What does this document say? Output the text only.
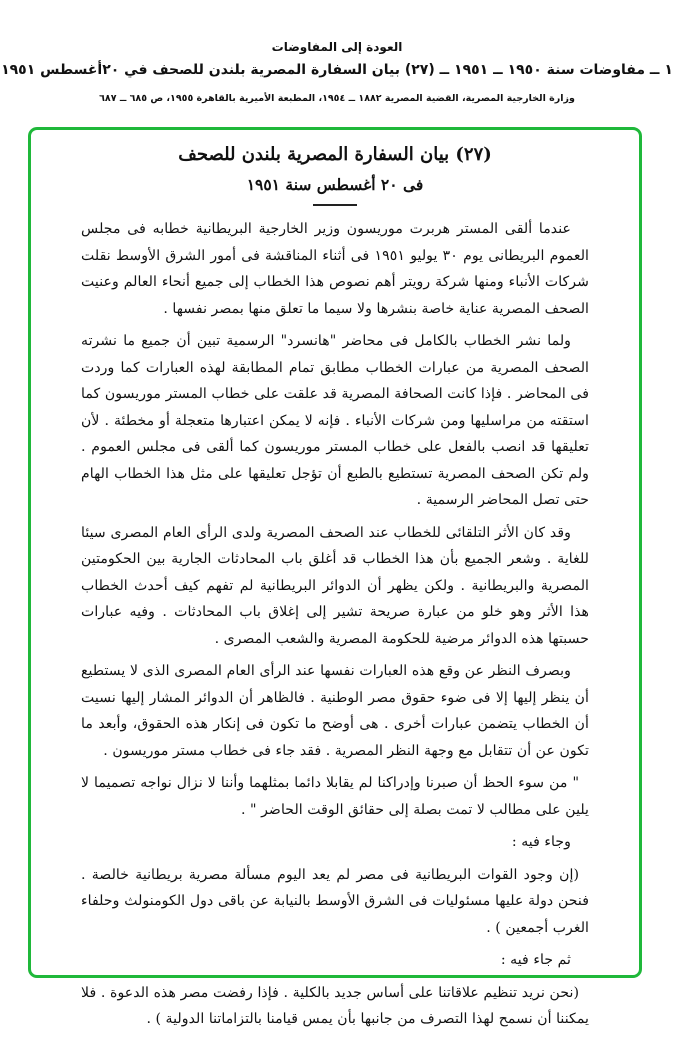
العودة إلى المفاوضات
١ ــ مفاوضات سنة ١٩٥٠ ــ ١٩٥١ ــ (٢٧) بيان السفارة المصرية بلندن للصحف في ٢٠أغسطس ١٩٥١
وزارة الخارجية المصرية، القضية المصرية ١٨٨٢ ــ ١٩٥٤، المطبعة الأميرية بالقاهرة ١٩٥٥، ص ٦٨٥ ــ ٦٨٧
(٢٧) بيان السفارة المصرية بلندن للصحف
فى ٢٠ أغسطس سنة ١٩٥١

عندما ألقى المستر هربرت موريسون وزير الخارجية البريطانية خطابه فى مجلس العموم البريطانى يوم ٣٠ يوليو ١٩٥١ فى أثناء المناقشة فى أمور الشرق الأوسط نقلت شركات الأنباء ومنها شركة رويتر أهم نصوص هذا الخطاب إلى جميع أنحاء العالم وعنيت الصحف المصرية عناية خاصة بنشرها ولا سيما ما تعلق منها بمصر نفسها .

ولما نشر الخطاب بالكامل فى محاضر "هانسرد" الرسمية تبين أن جميع ما نشرته الصحف المصرية من عبارات الخطاب مطابق تمام المطابقة لهذه العبارات كما وردت فى المحاضر . فإذا كانت الصحافة المصرية قد علقت على خطاب المستر موريسون كما استقته من مراسليها ومن شركات الأنباء . فإنه لا يمكن اعتبارها متعجلة أو مخطئة . لأن تعليقها قد انصب بالفعل على خطاب المستر موريسون كما ألقى فى مجلس العموم . ولم تكن الصحف المصرية تستطيع بالطبع أن تؤجل تعليقها على مثل هذا الخطاب الهام حتى تصل المحاضر الرسمية .

وقد كان الأثر التلقائى للخطاب عند الصحف المصرية ولدى الرأى العام المصرى سيئا للغاية . وشعر الجميع بأن هذا الخطاب قد أغلق باب المحادثات الجارية بين الحكومتين المصرية والبريطانية . ولكن يظهر أن الدوائر البريطانية لم تفهم كيف أحدث الخطاب هذا الأثر وهو خلو من عبارة صريحة تشير إلى إغلاق باب المحادثات . وفيه عبارات حسبتها هذه الدوائر مرضية للحكومة المصرية والشعب المصرى .

وبصرف النظر عن وقع هذه العبارات نفسها عند الرأى العام المصرى الذى لا يستطيع أن ينظر إليها إلا فى ضوء حقوق مصر الوطنية . فالظاهر أن الدوائر المشار إليها نسيت أن الخطاب يتضمن عبارات أخرى . هى أوضح ما تكون فى إنكار هذه الحقوق، وأبعد ما تكون عن أن تتقابل مع وجهة النظر المصرية . فقد جاء فى خطاب مستر موريسون .

" من سوء الحظ أن صبرنا وإدراكنا لم يقابلا دائما بمثلهما وأننا لا نزال نواجه تصميما لا يلين على مطالب لا تمت بصلة إلى حقائق الوقت الحاضر " .

وجاء فيه :

(إن وجود القوات البريطانية فى مصر لم يعد اليوم مسألة مصرية بريطانية خالصة . فنحن دولة عليها مسئوليات فى الشرق الأوسط بالنيابة عن باقى دول الكومنولث وحلفاء الغرب أجمعين ) .

ثم جاء فيه :

(نحن نريد تنظيم علاقاتنا على أساس جديد بالكلية . فإذا رفضت مصر هذه الدعوة . فلا يمكننا أن نسمح لهذا التصرف من جانبها بأن يمس قيامنا بالتزاماتنا الدولية ) .
